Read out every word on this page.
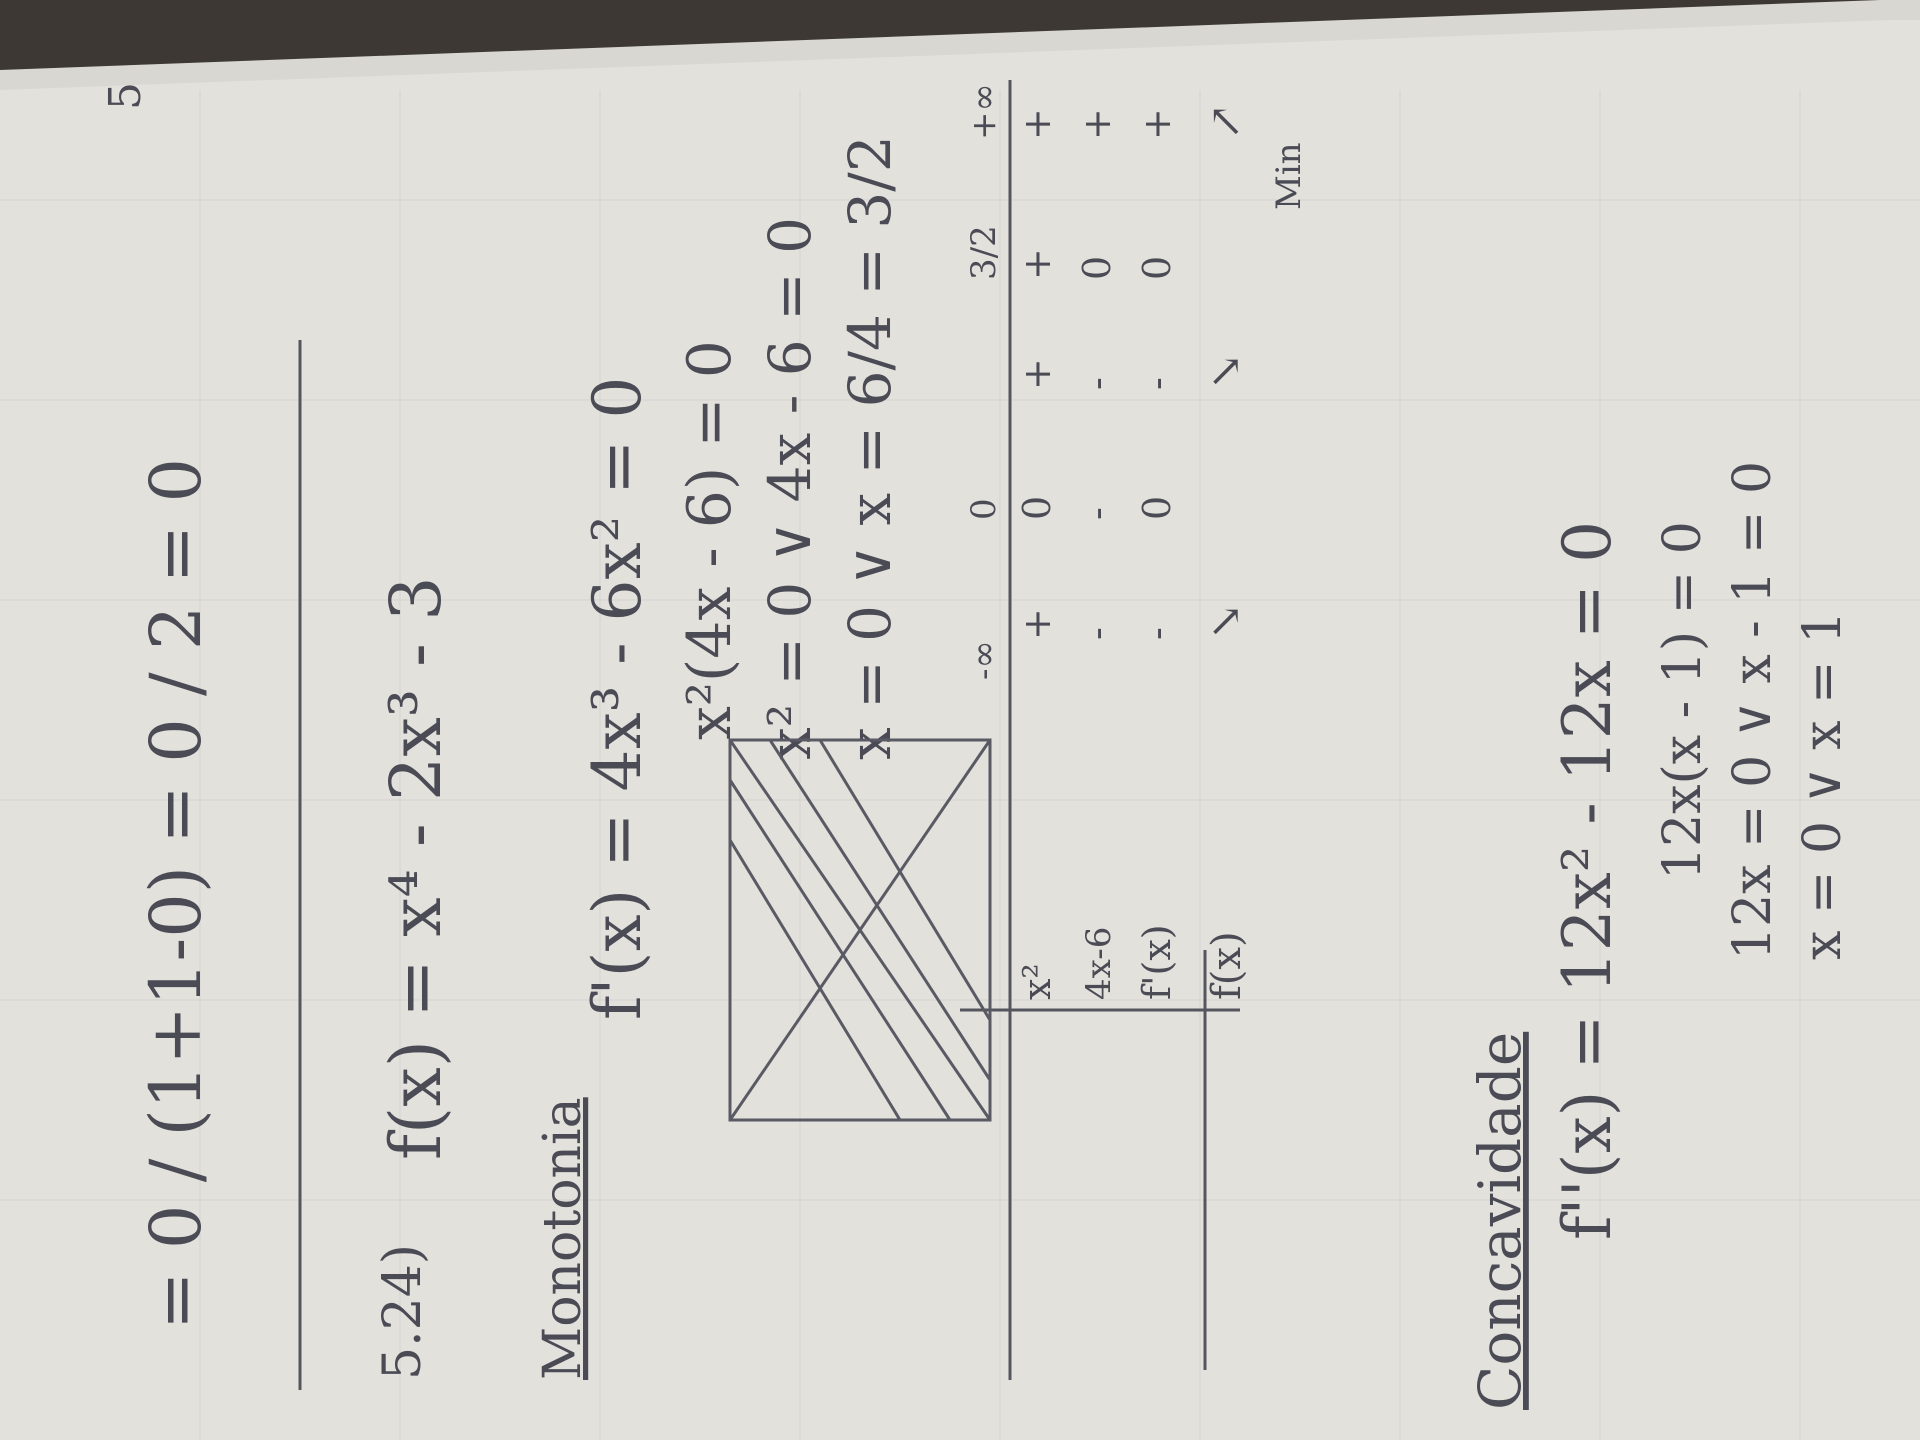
= 0 / (1+1-0) = 0 / 2 = 0
5
5.24)
f(x) = x⁴ - 2x³ - 3
Monotonia
f'(x) = 4x³ - 6x² = 0 x²(4x - 6) = 0 x² = 0 ∨ 4x - 6 = 0 x = 0 ∨ x = 6/4 = 3/2 -∞
0
3/2
+∞
x² 4x-6 f'(x) f(x)
+
0
+
+
+
-
-
-
0
+
-
0
-
0
+
↘
↘
↗
Min
Concavidade f''(x) = 12x² - 12x = 0 12x(x - 1) = 0 12x = 0 ∨ x - 1 = 0 x = 0 ∨ x = 1
